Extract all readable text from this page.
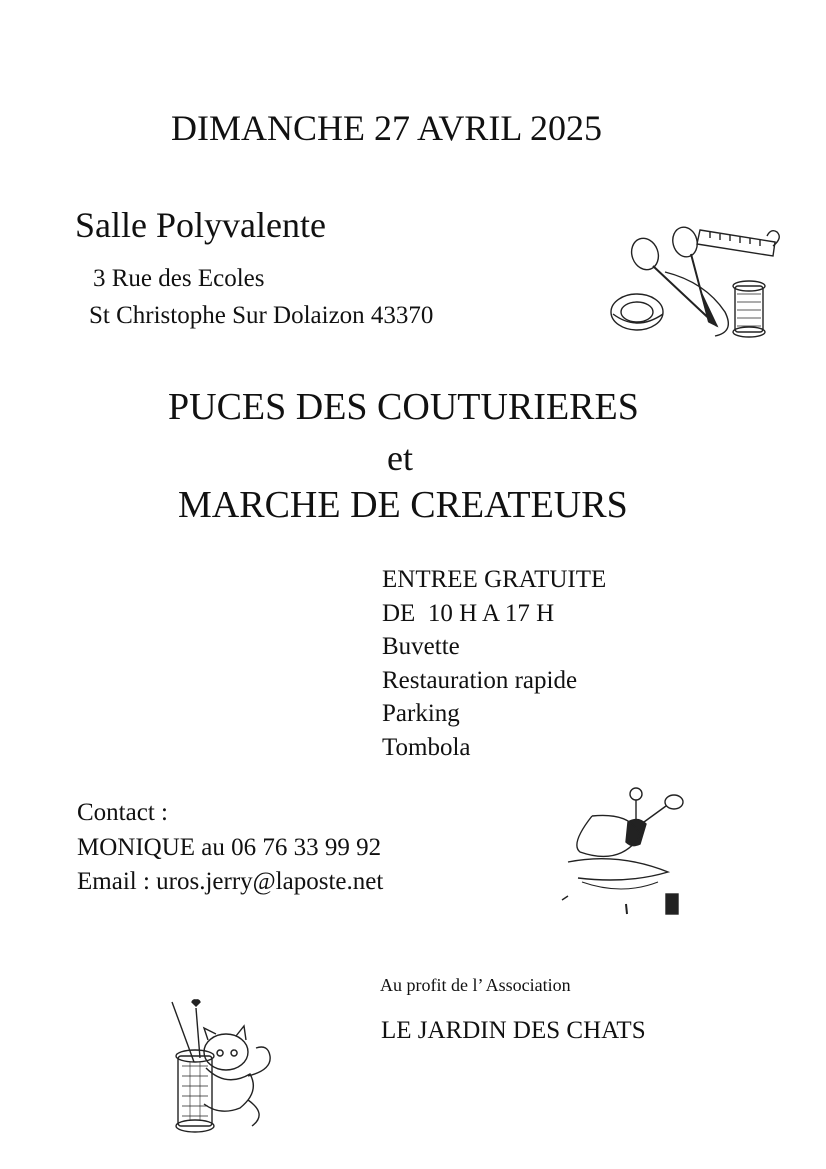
DIMANCHE 27 AVRIL 2025
Salle Polyvalente
3 Rue des Ecoles
St Christophe Sur Dolaizon 43370
PUCES DES COUTURIERES
et
MARCHE DE CREATEURS
ENTREE GRATUITE
DE  10 H A 17 H
Buvette
Restauration rapide
Parking
Tombola
Contact :
MONIQUE au 06 76 33 99 92
Email : uros.jerry@laposte.net
Au profit de l’ Association
LE JARDIN DES CHATS
